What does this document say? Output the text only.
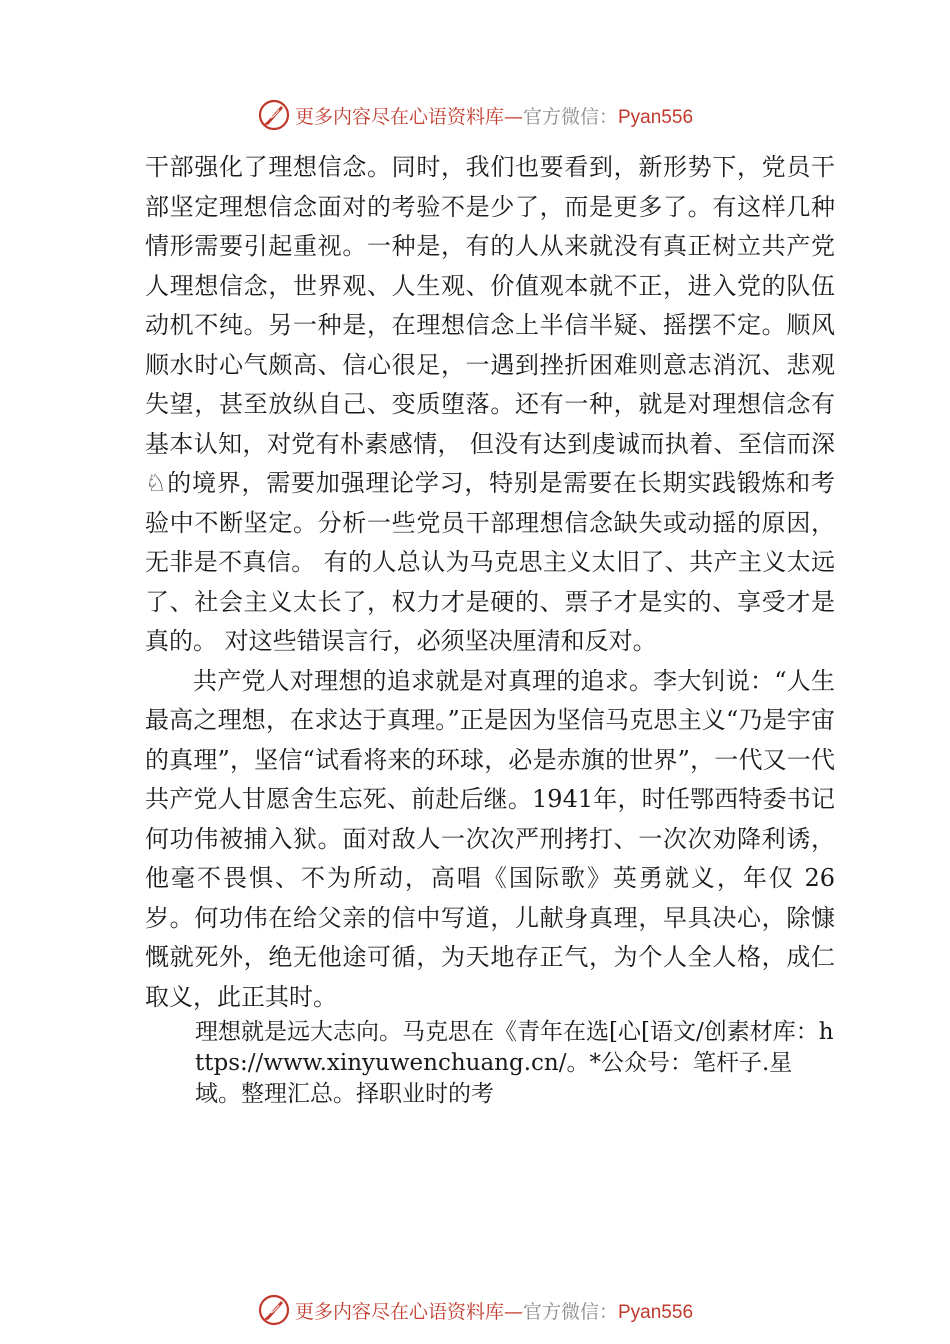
更多内容尽在心语资料库—官方微信：Pyan556

干部强化了理想信念。同时，我们也要看到，新形势下，党员干部坚定理想信念面对的考验不是少了，而是更多了。有这样几种情形需要引起重视。一种是，有的人从来就没有真正树立共产党人理想信念，世界观、人生观、价值观本就不正，进入党的队伍动机不纯。另一种是，在理想信念上半信半疑、摇摆不定。顺风顺水时心气颇高、信心很足，一遇到挫折困难则意志消沉、悲观失望，甚至放纵自己、变质堕落。还有一种，就是对理想信念有基本认知，对党有朴素感情， 但没有达到虔诚而执着、至信而深♘的境界，需要加强理论学习，特别是需要在长期实践锻炼和考验中不断坚定。分析一些党员干部理想信念缺失或动摇的原因，无非是不真信。 有的人总认为马克思主义太旧了、共产主义太远了、社会主义太长了，权力才是硬的、票子才是实的、享受才是真的。 对这些错误言行，必须坚决厘清和反对。

共产党人对理想的追求就是对真理的追求。李大钊说：“人生最高之理想，在求达于真理。”正是因为坚信马克思主义“乃是宇宙的真理”，坚信“试看将来的环球，必是赤旗的世界”，一代又一代共产党人甘愿舍生忘死、前赴后继。1941年，时任鄂西特委书记何功伟被捕入狱。面对敌人一次次严刑拷打、一次次劝降利诱，他毫不畏惧、不为所动，高唱《国际歌》英勇就义，年仅 26 岁。何功伟在给父亲的信中写道，儿献身真理，早具决心，除慷慨就死外，绝无他途可循，为天地存正气，为个人全人格，成仁取义，此正其时。

理想就是远大志向。马克思在《青年在选[心[语文/创素材库：https://www.xinyuwenchuang.cn/。*公众号：笔杆子.星域。整理汇总。择职业时的考

更多内容尽在心语资料库—官方微信：Pyan556
